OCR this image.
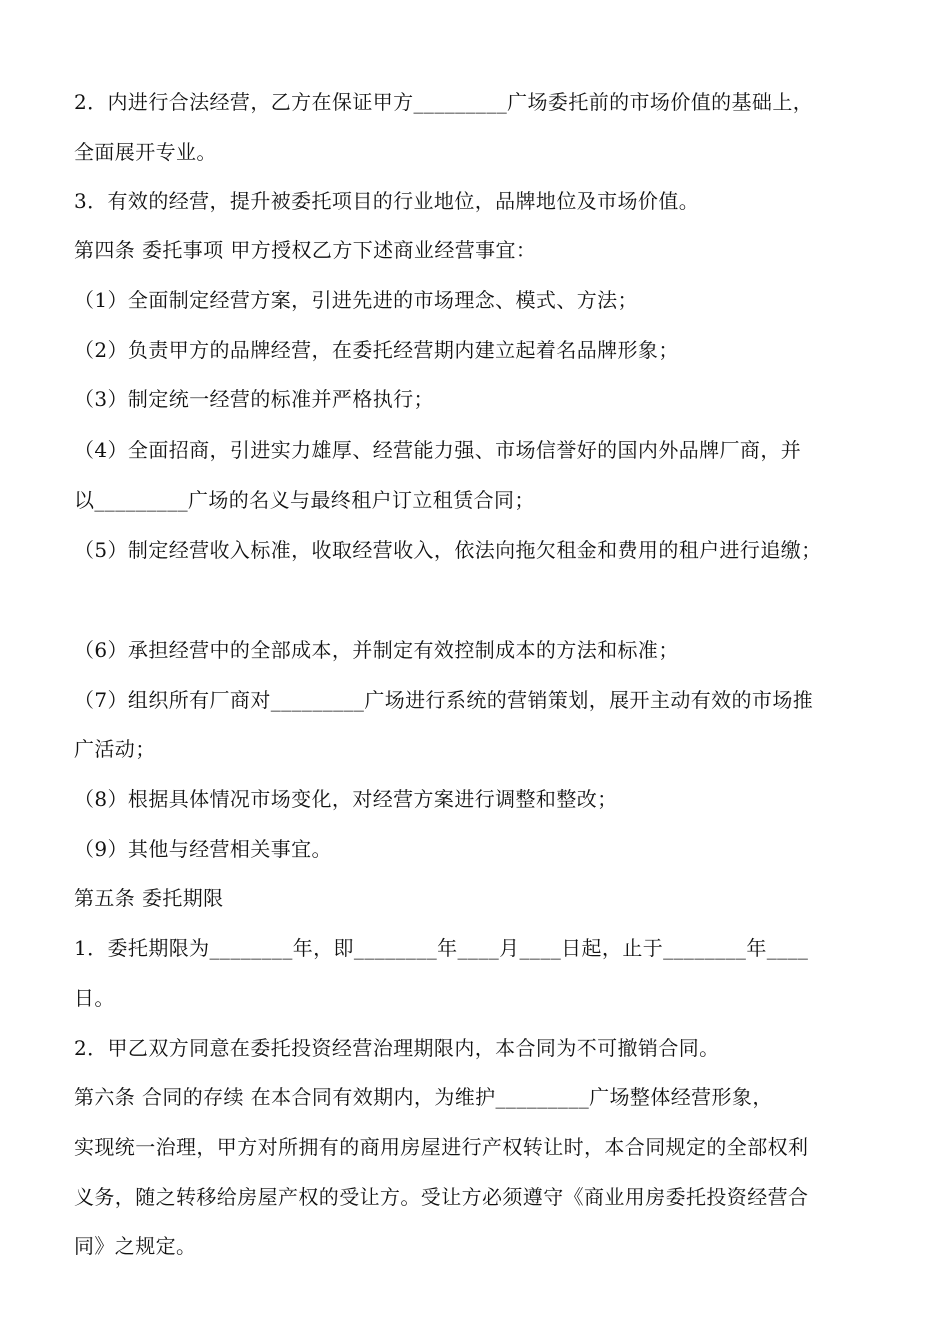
2．内进行合法经营，乙方在保证甲方_________广场委托前的市场价值的基础上，
全面展开专业。
3．有效的经营，提升被委托项目的行业地位，品牌地位及市场价值。
第四条 委托事项 甲方授权乙方下述商业经营事宜：
（1）全面制定经营方案，引进先进的市场理念、模式、方法；
（2）负责甲方的品牌经营，在委托经营期内建立起着名品牌形象；
（3）制定统一经营的标准并严格执行；
（4）全面招商，引进实力雄厚、经营能力强、市场信誉好的国内外品牌厂商，并
以_________广场的名义与最终租户订立租赁合同；
（5）制定经营收入标准，收取经营收入，依法向拖欠租金和费用的租户进行追缴；
（6）承担经营中的全部成本，并制定有效控制成本的方法和标准；
（7）组织所有厂商对_________广场进行系统的营销策划，展开主动有效的市场推
广活动；
（8）根据具体情况市场变化，对经营方案进行调整和整改；
（9）其他与经营相关事宜。
第五条 委托期限
1．委托期限为________年，即________年____月____日起，止于________年____
日。
2．甲乙双方同意在委托投资经营治理期限内，本合同为不可撤销合同。
第六条 合同的存续 在本合同有效期内，为维护_________广场整体经营形象，
实现统一治理，甲方对所拥有的商用房屋进行产权转让时，本合同规定的全部权利
义务，随之转移给房屋产权的受让方。受让方必须遵守《商业用房委托投资经营合
同》之规定。
